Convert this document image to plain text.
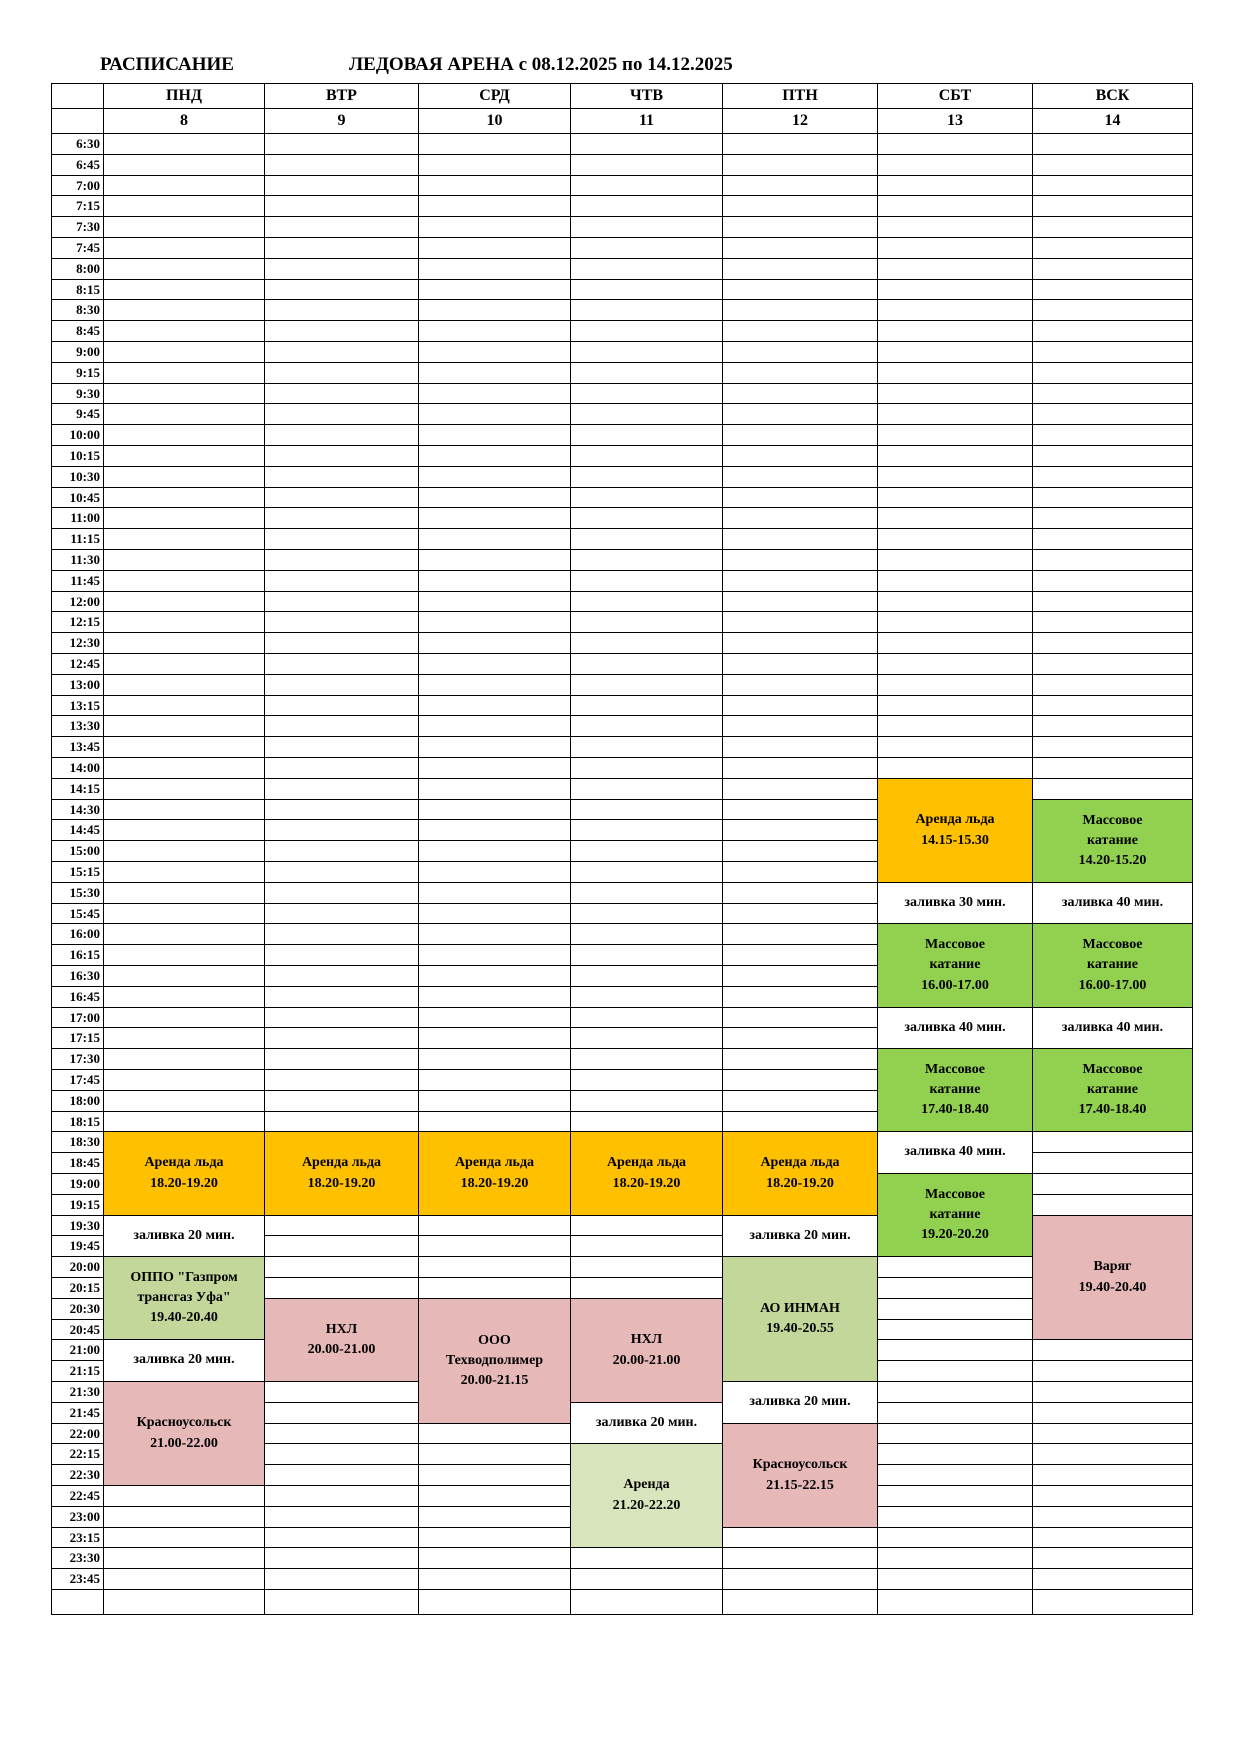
РАСПИСАНИЕ	ЛЕДОВАЯ АРЕНА с 08.12.2025 по 14.12.2025
ПНД
8
ВТР
9
СРД
10
ЧТВ
11
ПТН
12
СБТ
13
ВСК
14
6:30
6:45
7:00
7:15
7:30
7:45
8:00
8:15
8:30
8:45
9:00
9:15
9:30
9:45
10:00
10:15
10:30
10:45
11:00
11:15
11:30
11:45
12:00
12:15
12:30
12:45
13:00
13:15
13:30
13:45
14:00
14:15
14:30
14:45
15:00
15:15
15:30
15:45
16:00
16:15
16:30
16:45
17:00
17:15
17:30
17:45
18:00
18:15
18:30
18:45
19:00
19:15
19:30
19:45
20:00
20:15
20:30
20:45
21:00
21:15
21:30
21:45
22:00
22:15
22:30
22:45
23:00
23:15
23:30
23:45
Аренда льда
18.20-19.20
заливка 20 мин.
ОППО "Газпром
трансгаз Уфа"
19.40-20.40
заливка 20 мин.
Красноусольск
21.00-22.00
Аренда льда
18.20-19.20
НХЛ
20.00-21.00
Аренда льда
18.20-19.20
ООО
Техводполимер
20.00-21.15
Аренда льда
18.20-19.20
НХЛ
20.00-21.00
заливка 20 мин.
Аренда
21.20-22.20
Аренда льда
18.20-19.20
заливка 20 мин.
АО ИНМАН
19.40-20.55
заливка 20 мин.
Красноусольск
21.15-22.15
Аренда льда
14.15-15.30
заливка 30 мин.
Массовое
катание
16.00-17.00
заливка 40 мин.
Массовое
катание
17.40-18.40
заливка 40 мин.
Массовое
катание
19.20-20.20
Массовое
катание
14.20-15.20
заливка 40 мин.
Массовое
катание
16.00-17.00
заливка 40 мин.
Массовое
катание
17.40-18.40
Варяг
19.40-20.40
